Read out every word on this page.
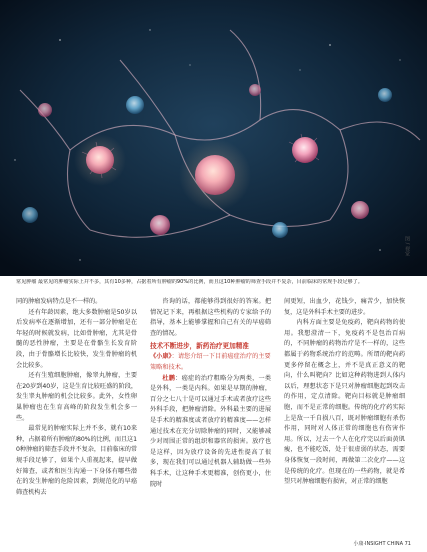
图 / 视觉
常见肿瘤 最常见的肿瘤实际上并不多，其有10多种，占据着所有肿瘤的90%的比例，而且这10种肿瘤的筛查手段并不复杂，目前临床的常规手段足够了。

同的肿瘤发病特点是不一样的。

还有年龄因素，绝大多数肿瘤是50岁以后发病率在逐渐增加，还有一部分肿瘤是在年轻的时候就发病，比如骨肿瘤，尤其是骨髓的恶性肿瘤，主要是在骨骼生长发育阶段，由于骨骼增长比较快，发生骨肿瘤的机会比较多。

还有生殖细胞肿瘤，像睾丸肿瘤，主要在20岁到40岁，这是生育比较旺盛的阶段，发生睾丸肿瘤的机会比较多。此外，女性卵巢肿瘤也在生育高峰的阶段发生机会多一些。

最常见的肿瘤实际上并不多，就有10来种，占据着所有肿瘤的80%的比例，而且这10种肿瘤的筛查手段并不复杂，目前临床的常规手段足够了，如果个人重视起来，提早做好筛查，或者和医生沟通一下身体有哪些潜在的发生肿瘤的危险因素，到规范化的早癌筛查机构去

咨询的话，都能够得到很好的答案。把情况记下来，再根据这些机构的专家给予的指导，基本上能够掌握和自己有关的早癌筛查的情况。

技术不断进步，新药治疗更加精准

《小康》：请您介绍一下目前癌症治疗的主要策略和技术。

杜鹏：癌症的治疗粗略分为两类，一类是外科，一类是内科。如果是早期的肿瘤，百分之七八十是可以通过手术或者放疗这些外科手段，把肿瘤清除。外科最主要的进展是手术的精准度或者放疗的精准度——怎样通过技术在充分切除肿瘤的同时，又能够减少对周围正常的组织和器官的损害。放疗也是这样，因为放疗设备的先进性提高了很多，现在我们可以通过机器人辅助做一些外科手术，让这种手术更精准，创伤更小，住院时

间更短，出血少，花钱少，痛苦少，加快恢复，这是外科手术主要的进步。

内科方面主要是免疫药，靶向药物的使用。我想澄清一下，免疫药不是包治百病的，不同肿瘤的药物治疗是不一样的，这些都属于药物系统治疗的范畴。所谓的靶向药更多停留在概念上，并不是真正意义的靶向，什么叫靶向？比如这种药物进到人体内以后，理想状态下是只对肿瘤细胞起到攻击的作用，定点清除。靶向目标就是肿瘤细胞，而不是正常的细胞。传统的化疗药实际上是敌一千自损八百，既对肿瘤细胞有杀伤作用，同时对人体正常的细胞也有伤害作用。所以，过去一个人在化疗完以后面黄肌瘦，也不能吃饭，处于很虚弱的状态，需要身体恢复一段时间，再做第二次化疗——这是传统的化疗。但现在的一些药物，就是希望只对肿瘤细胞有损害，对正常的细胞

小康·INSIGHT CHINA 71
